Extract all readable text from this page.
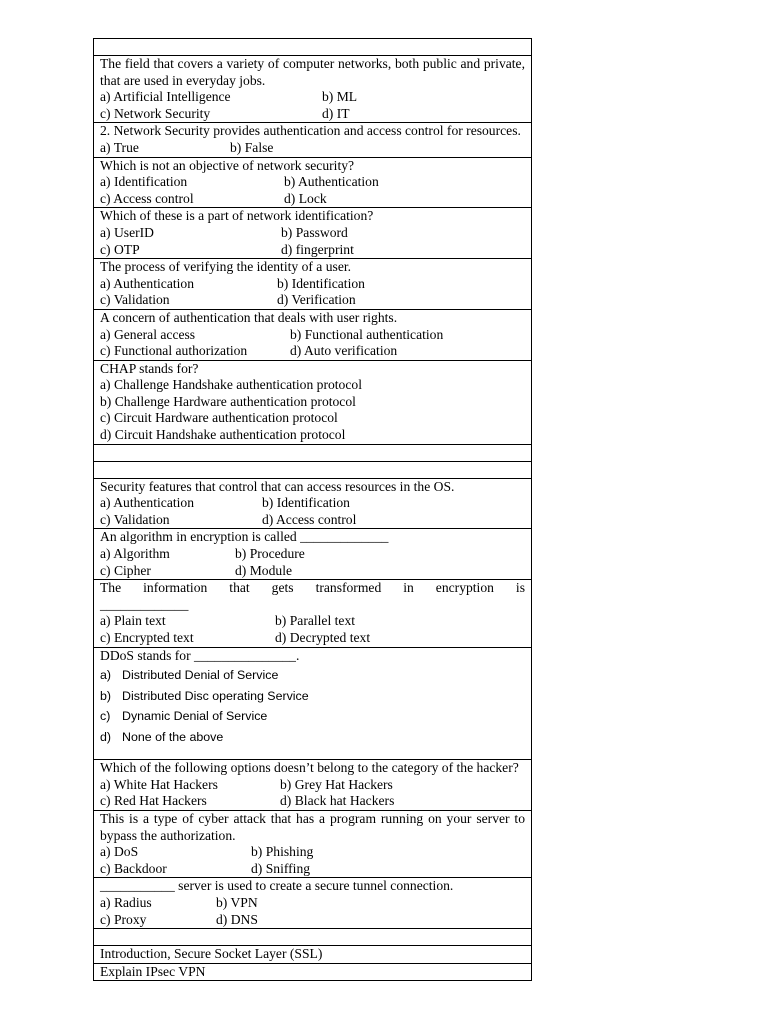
The field that covers a variety of computer networks, both public and private, that are used in everyday jobs.
a) Artificial Intelligence	b) ML
c) Network Security	d) IT

2. Network Security provides authentication and access control for resources.
a) True	b) False

Which is not an objective of network security?
a) Identification	b) Authentication
c) Access control	d) Lock

Which of these is a part of network identification?
a) UserID	b) Password
c) OTP	d) fingerprint

The process of verifying the identity of a user.
a) Authentication	b) Identification
c) Validation	d) Verification

A concern of authentication that deals with user rights.
a) General access	b) Functional authentication
c) Functional authorization	d) Auto verification

CHAP stands for?
a) Challenge Handshake authentication protocol
b) Challenge Hardware authentication protocol
c) Circuit Hardware authentication protocol
d) Circuit Handshake authentication protocol

Security features that control that can access resources in the OS.
a) Authentication	b) Identification
c) Validation	d) Access control

An algorithm in encryption is called _____________
a) Algorithm	b) Procedure
c) Cipher	d) Module

The information that gets transformed in encryption is
_____________
a) Plain text	b) Parallel text
c) Encrypted text	d) Decrypted text

DDoS stands for _______________.
a) Distributed Denial of Service
b) Distributed Disc operating Service
c) Dynamic Denial of Service
d) None of the above

Which of the following options doesn’t belong to the category of the hacker?
a) White Hat Hackers	b) Grey Hat Hackers
c) Red Hat Hackers	d) Black hat Hackers

This is a type of cyber attack that has a program running on your server to bypass the authorization.
a) DoS	b) Phishing
c) Backdoor	d) Sniffing

___________ server is used to create a secure tunnel connection.
a) Radius	b) VPN
c) Proxy	d) DNS

Introduction, Secure Socket Layer (SSL)

Explain IPsec VPN
